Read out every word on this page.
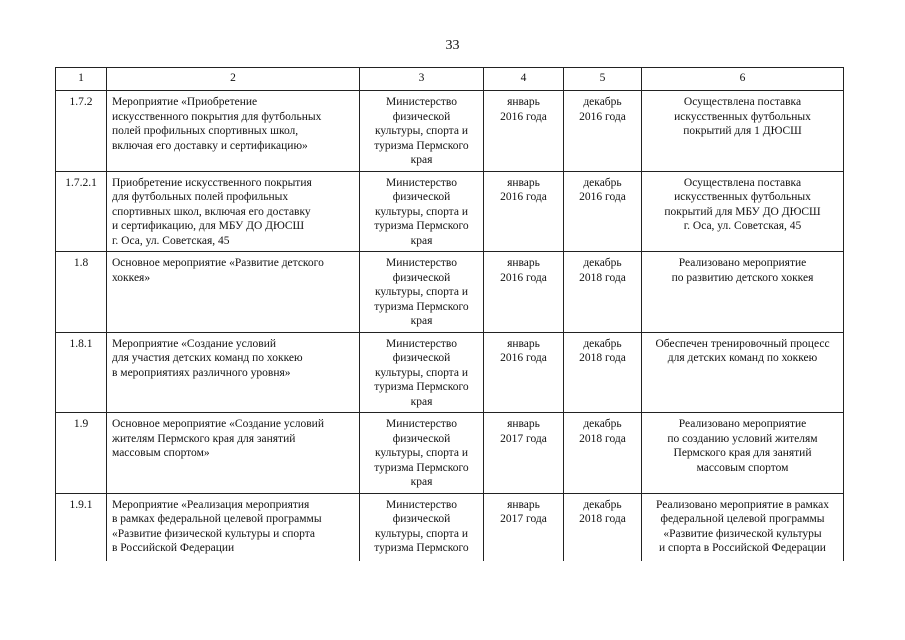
33
1	2	3	4	5	6

1.7.2	Мероприятие «Приобретение
искусственного покрытия для футбольных
полей профильных спортивных школ,
включая его доставку и сертификацию»	Министерство
физической
культуры, спорта и
туризма Пермского
края	январь
2016 года	декабрь
2016 года	Осуществлена поставка
искусственных футбольных
покрытий для 1 ДЮСШ

1.7.2.1	Приобретение искусственного покрытия
для футбольных полей профильных
спортивных школ, включая его доставку
и сертификацию, для МБУ ДО ДЮСШ
г. Оса, ул. Советская, 45	Министерство
физической
культуры, спорта и
туризма Пермского
края	январь
2016 года	декабрь
2016 года	Осуществлена поставка
искусственных футбольных
покрытий для МБУ ДО ДЮСШ
г. Оса, ул. Советская, 45

1.8	Основное мероприятие «Развитие детского
хоккея»	Министерство
физической
культуры, спорта и
туризма Пермского
края	январь
2016 года	декабрь
2018 года	Реализовано мероприятие
по развитию детского хоккея

1.8.1	Мероприятие «Создание условий
для участия детских команд по хоккею
в мероприятиях различного уровня»	Министерство
физической
культуры, спорта и
туризма Пермского
края	январь
2016 года	декабрь
2018 года	Обеспечен тренировочный процесс
для детских команд по хоккею

1.9	Основное мероприятие «Создание условий
жителям Пермского края для занятий
массовым спортом»	Министерство
физической
культуры, спорта и
туризма Пермского
края	январь
2017 года	декабрь
2018 года	Реализовано мероприятие
по созданию условий жителям
Пермского края для занятий
массовым спортом

1.9.1	Мероприятие «Реализация мероприятия
в рамках федеральной целевой программы
«Развитие физической культуры и спорта
в Российской Федерации	Министерство
физической
культуры, спорта и
туризма Пермского	январь
2017 года	декабрь
2018 года	Реализовано мероприятие в рамках
федеральной целевой программы
«Развитие физической культуры
и спорта в Российской Федерации
